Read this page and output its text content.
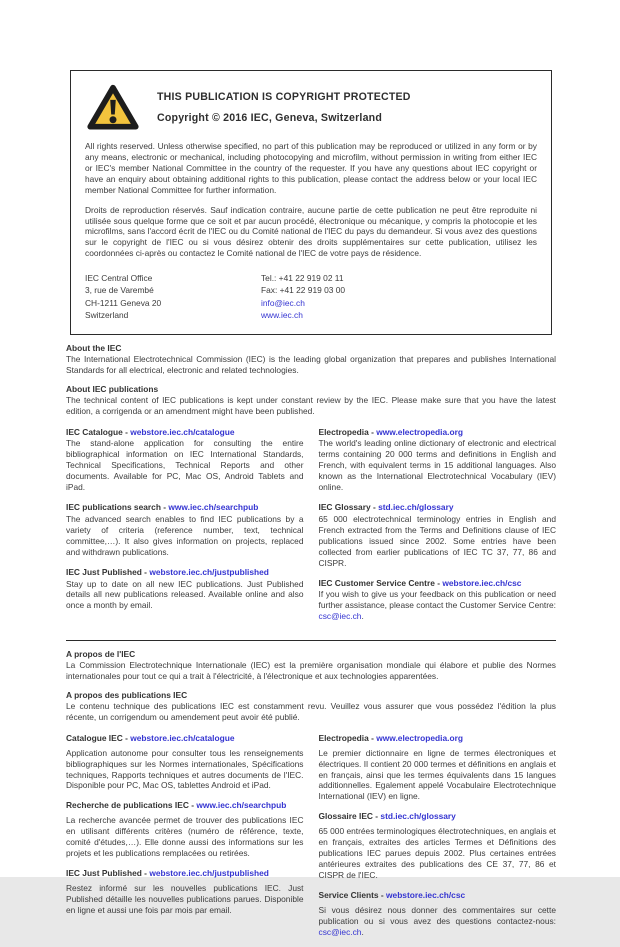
THIS PUBLICATION IS COPYRIGHT PROTECTED

Copyright © 2016 IEC, Geneva, Switzerland

All rights reserved. Unless otherwise specified, no part of this publication may be reproduced or utilized in any form or by any means, electronic or mechanical, including photocopying and microfilm, without permission in writing from either IEC or IEC's member National Committee in the country of the requester. If you have any questions about IEC copyright or have an enquiry about obtaining additional rights to this publication, please contact the address below or your local IEC member National Committee for further information.

Droits de reproduction réservés. Sauf indication contraire, aucune partie de cette publication ne peut être reproduite ni utilisée sous quelque forme que ce soit et par aucun procédé, électronique ou mécanique, y compris la photocopie et les microfilms, sans l'accord écrit de l'IEC ou du Comité national de l'IEC du pays du demandeur. Si vous avez des questions sur le copyright de l'IEC ou si vous désirez obtenir des droits supplémentaires sur cette publication, utilisez les coordonnées ci-après ou contactez le Comité national de l'IEC de votre pays de résidence.

IEC Central Office

3, rue de Varembé

CH-1211 Geneva 20

Switzerland

Tel.: +41 22 919 02 11

Fax: +41 22 919 03 00

info@iec.ch

www.iec.ch

About the IEC

The International Electrotechnical Commission (IEC) is the leading global organization that prepares and publishes International Standards for all electrical, electronic and related technologies.

About IEC publications

The technical content of IEC publications is kept under constant review by the IEC. Please make sure that you have the latest edition, a corrigenda or an amendment might have been published.

IEC Catalogue - webstore.iec.ch/catalogue

The stand-alone application for consulting the entire bibliographical information on IEC International Standards, Technical Specifications, Technical Reports and other documents. Available for PC, Mac OS, Android Tablets and iPad.

IEC publications search - www.iec.ch/searchpub

The advanced search enables to find IEC publications by a variety of criteria (reference number, text, technical committee,…). It also gives information on projects, replaced and withdrawn publications.

IEC Just Published - webstore.iec.ch/justpublished

Stay up to date on all new IEC publications. Just Published details all new publications released. Available online and also once a month by email.

Electropedia - www.electropedia.org

The world's leading online dictionary of electronic and electrical terms containing 20 000 terms and definitions in English and French, with equivalent terms in 15 additional languages. Also known as the International Electrotechnical Vocabulary (IEV) online.

IEC Glossary - std.iec.ch/glossary

65 000 electrotechnical terminology entries in English and French extracted from the Terms and Definitions clause of IEC publications issued since 2002. Some entries have been collected from earlier publications of IEC TC 37, 77, 86 and CISPR.

IEC Customer Service Centre - webstore.iec.ch/csc

If you wish to give us your feedback on this publication or need further assistance, please contact the Customer Service Centre: csc@iec.ch.

A propos de l'IEC

La Commission Electrotechnique Internationale (IEC) est la première organisation mondiale qui élabore et publie des Normes internationales pour tout ce qui a trait à l'électricité, à l'électronique et aux technologies apparentées.

A propos des publications IEC

Le contenu technique des publications IEC est constamment revu. Veuillez vous assurer que vous possédez l'édition la plus récente, un corrigendum ou amendement peut avoir été publié.

Catalogue IEC - webstore.iec.ch/catalogue

Application autonome pour consulter tous les renseignements bibliographiques sur les Normes internationales, Spécifications techniques, Rapports techniques et autres documents de l'IEC. Disponible pour PC, Mac OS, tablettes Android et iPad.

Recherche de publications IEC - www.iec.ch/searchpub

La recherche avancée permet de trouver des publications IEC en utilisant différents critères (numéro de référence, texte, comité d'études,…). Elle donne aussi des informations sur les projets et les publications remplacées ou retirées.

IEC Just Published - webstore.iec.ch/justpublished

Restez informé sur les nouvelles publications IEC. Just Published détaille les nouvelles publications parues. Disponible en ligne et aussi une fois par mois par email.

Electropedia - www.electropedia.org

Le premier dictionnaire en ligne de termes électroniques et électriques. Il contient 20 000 termes et définitions en anglais et en français, ainsi que les termes équivalents dans 15 langues additionnelles. Egalement appelé Vocabulaire Electrotechnique International (IEV) en ligne.

Glossaire IEC - std.iec.ch/glossary

65 000 entrées terminologiques électrotechniques, en anglais et en français, extraites des articles Termes et Définitions des publications IEC parues depuis 2002. Plus certaines entrées antérieures extraites des publications des CE 37, 77, 86 et CISPR de l'IEC.

Service Clients - webstore.iec.ch/csc

Si vous désirez nous donner des commentaires sur cette publication ou si vous avez des questions contactez-nous: csc@iec.ch.
